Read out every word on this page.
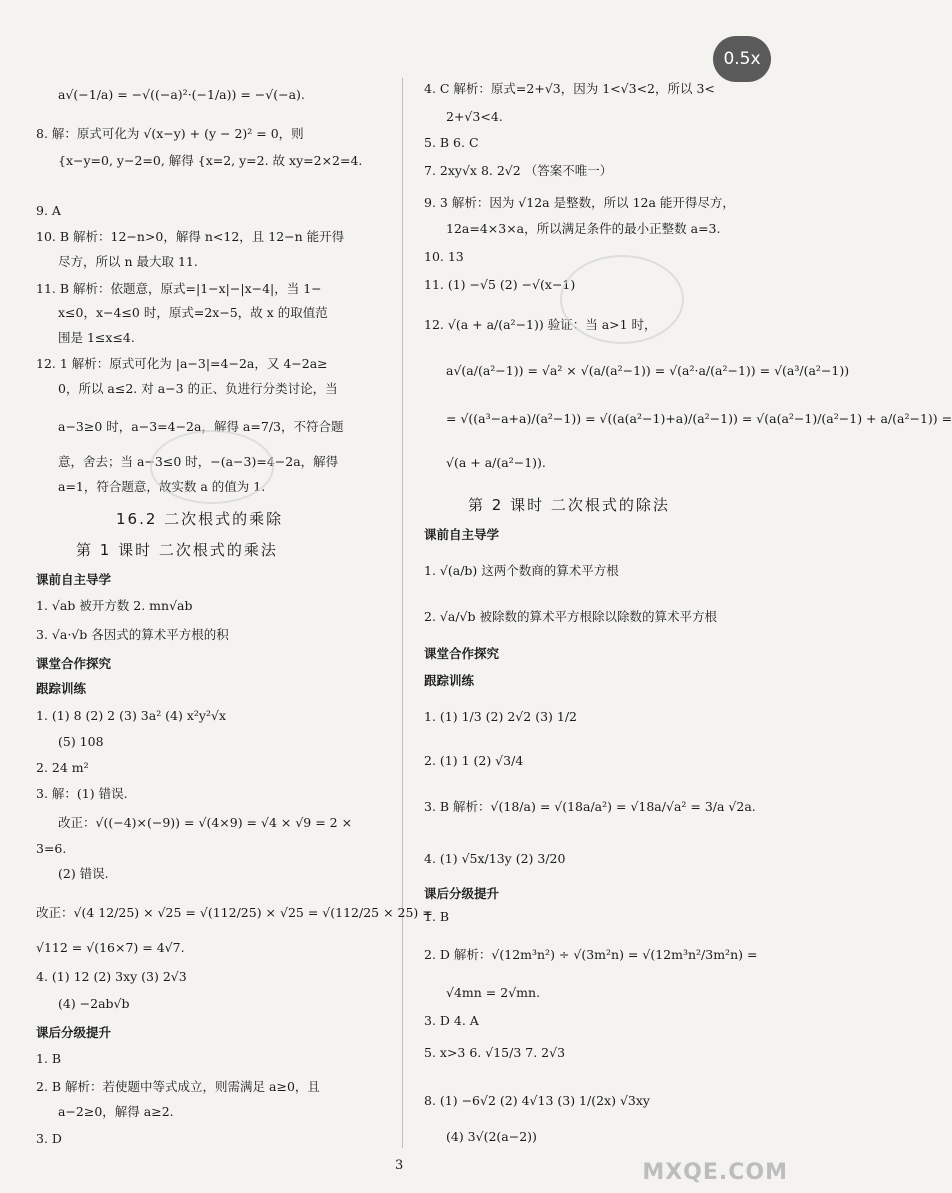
0.5x
a√(−1/a) = −√((−a)²·(−1/a)) = −√(−a).
8. 解：原式可化为 √(x−y) + (y − 2)² = 0，则
{x−y=0, y−2=0, 解得 {x=2, y=2. 故 xy=2×2=4.
9. A
10. B 解析：12−n>0，解得 n<12，且 12−n 能开得
尽方，所以 n 最大取 11.
11. B 解析：依题意，原式=|1−x|−|x−4|，当 1−
x≤0，x−4≤0 时，原式=2x−5，故 x 的取值范
围是 1≤x≤4.
12. 1 解析：原式可化为 |a−3|=4−2a，又 4−2a≥
0，所以 a≤2. 对 a−3 的正、负进行分类讨论，当
a−3≥0 时，a−3=4−2a，解得 a=7/3，不符合题
意，舍去；当 a−3≤0 时，−(a−3)=4−2a，解得
a=1，符合题意，故实数 a 的值为 1.
16.2 二次根式的乘除
第 1 课时 二次根式的乘法
课前自主导学
1. √ab 被开方数 2. mn√ab
3. √a·√b 各因式的算术平方根的积
课堂合作探究
跟踪训练
1. (1) 8 (2) 2 (3) 3a² (4) x²y²√x
(5) 108
2. 24 m²
3. 解：(1) 错误.
改正：√((−4)×(−9)) = √(4×9) = √4 × √9 = 2 ×
3=6.
(2) 错误.
改正：√(4 12/25) × √25 = √(112/25) × √25 = √(112/25 × 25) =
√112 = √(16×7) = 4√7.
4. (1) 12 (2) 3xy (3) 2√3
(4) −2ab√b
课后分级提升
1. B
2. B 解析：若使题中等式成立，则需满足 a≥0，且
a−2≥0，解得 a≥2.
3. D
4. C 解析：原式=2+√3，因为 1<√3<2，所以 3<
2+√3<4.
5. B 6. C
7. 2xy√x 8. 2√2 （答案不唯一）
9. 3 解析：因为 √12a 是整数，所以 12a 能开得尽方，
12a=4×3×a，所以满足条件的最小正整数 a=3.
10. 13
11. (1) −√5 (2) −√(x−1)
12. √(a + a/(a²−1)) 验证：当 a>1 时，
a√(a/(a²−1)) = √a² × √(a/(a²−1)) = √(a²·a/(a²−1)) = √(a³/(a²−1))
= √((a³−a+a)/(a²−1)) = √((a(a²−1)+a)/(a²−1)) = √(a(a²−1)/(a²−1) + a/(a²−1)) =
√(a + a/(a²−1)).
第 2 课时 二次根式的除法
课前自主导学
1. √(a/b) 这两个数商的算术平方根
2. √a/√b 被除数的算术平方根除以除数的算术平方根
课堂合作探究
跟踪训练
1. (1) 1/3 (2) 2√2 (3) 1/2
2. (1) 1 (2) √3/4
3. B 解析：√(18/a) = √(18a/a²) = √18a/√a² = 3/a √2a.
4. (1) √5x/13y (2) 3/20
课后分级提升
1. B
2. D 解析：√(12m³n²) ÷ √(3m²n) = √(12m³n²/3m²n) =
√4mn = 2√mn.
3. D 4. A
5. x>3 6. √15/3 7. 2√3
8. (1) −6√2 (2) 4√13 (3) 1/(2x) √3xy
(4) 3√(2(a−2))
3	MXQE.COM
